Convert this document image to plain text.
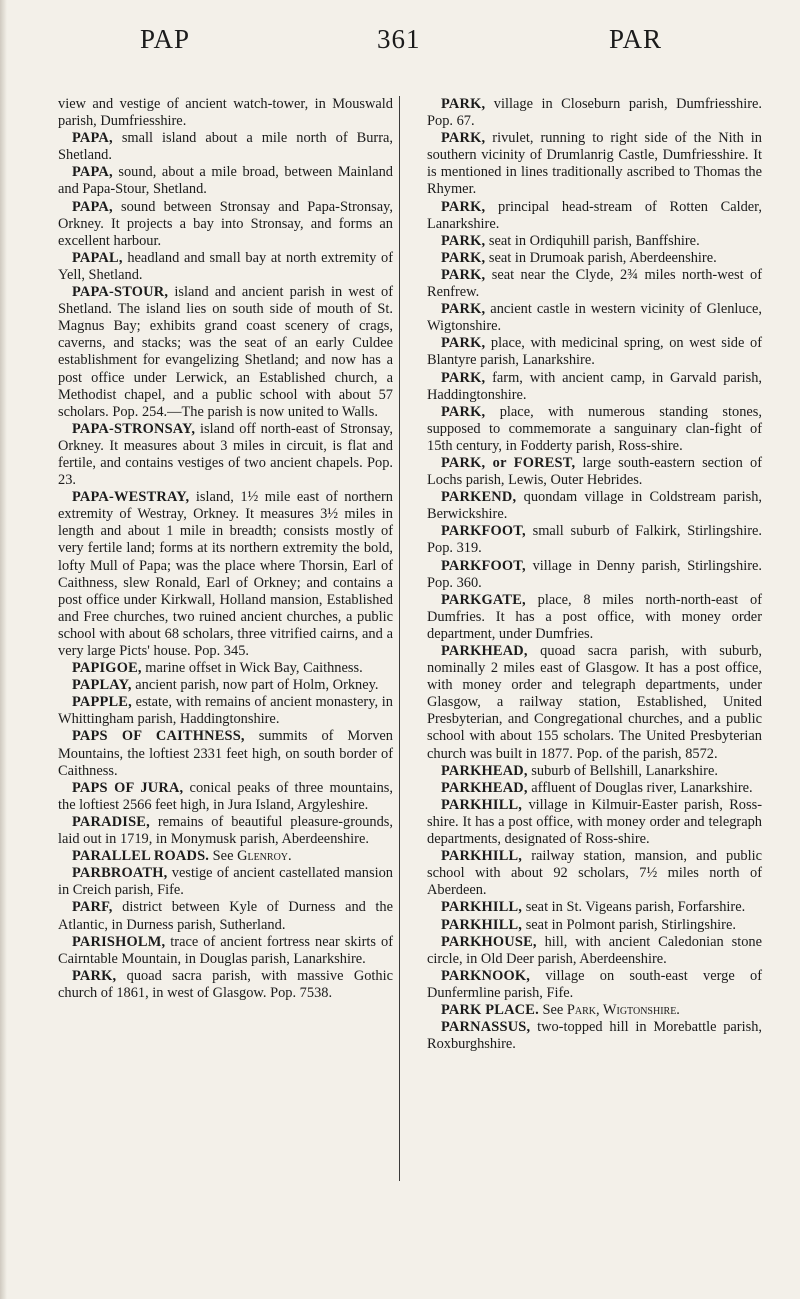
PAP	361	PAR

view and vestige of ancient watch-tower, in Mouswald parish, Dumfriesshire.

PAPA, small island about a mile north of Burra, Shetland.

PAPA, sound, about a mile broad, between Mainland and Papa-Stour, Shetland.

PAPA, sound between Stronsay and Papa-Stronsay, Orkney. It projects a bay into Stronsay, and forms an excellent harbour.

PAPAL, headland and small bay at north extremity of Yell, Shetland.

PAPA-STOUR, island and ancient parish in west of Shetland. The island lies on south side of mouth of St. Magnus Bay; exhibits grand coast scenery of crags, caverns, and stacks; was the seat of an early Culdee establishment for evangelizing Shetland; and now has a post office under Lerwick, an Established church, a Methodist chapel, and a public school with about 57 scholars. Pop. 254.—The parish is now united to Walls.

PAPA-STRONSAY, island off north-east of Stronsay, Orkney. It measures about 3 miles in circuit, is flat and fertile, and contains vestiges of two ancient chapels. Pop. 23.

PAPA-WESTRAY, island, 1½ mile east of northern extremity of Westray, Orkney. It measures 3½ miles in length and about 1 mile in breadth; consists mostly of very fertile land; forms at its northern extremity the bold, lofty Mull of Papa; was the place where Thorsin, Earl of Caithness, slew Ronald, Earl of Orkney; and contains a post office under Kirkwall, Holland mansion, Established and Free churches, two ruined ancient churches, a public school with about 68 scholars, three vitrified cairns, and a very large Picts' house. Pop. 345.

PAPIGOE, marine offset in Wick Bay, Caithness.

PAPLAY, ancient parish, now part of Holm, Orkney.

PAPPLE, estate, with remains of ancient monastery, in Whittingham parish, Haddingtonshire.

PAPS OF CAITHNESS, summits of Morven Mountains, the loftiest 2331 feet high, on south border of Caithness.

PAPS OF JURA, conical peaks of three mountains, the loftiest 2566 feet high, in Jura Island, Argyleshire.

PARADISE, remains of beautiful pleasure-grounds, laid out in 1719, in Monymusk parish, Aberdeenshire.

PARALLEL ROADS. See Glenroy.

PARBROATH, vestige of ancient castellated mansion in Creich parish, Fife.

PARF, district between Kyle of Durness and the Atlantic, in Durness parish, Sutherland.

PARISHOLM, trace of ancient fortress near skirts of Cairntable Mountain, in Douglas parish, Lanarkshire.

PARK, quoad sacra parish, with massive Gothic church of 1861, in west of Glasgow. Pop. 7538.

PARK, village in Closeburn parish, Dumfriesshire. Pop. 67.

PARK, rivulet, running to right side of the Nith in southern vicinity of Drumlanrig Castle, Dumfriesshire. It is mentioned in lines traditionally ascribed to Thomas the Rhymer.

PARK, principal head-stream of Rotten Calder, Lanarkshire.

PARK, seat in Ordiquhill parish, Banffshire.

PARK, seat in Drumoak parish, Aberdeenshire.

PARK, seat near the Clyde, 2¾ miles north-west of Renfrew.

PARK, ancient castle in western vicinity of Glenluce, Wigtonshire.

PARK, place, with medicinal spring, on west side of Blantyre parish, Lanarkshire.

PARK, farm, with ancient camp, in Garvald parish, Haddingtonshire.

PARK, place, with numerous standing stones, supposed to commemorate a sanguinary clan-fight of 15th century, in Fodderty parish, Ross-shire.

PARK, or FOREST, large south-eastern section of Lochs parish, Lewis, Outer Hebrides.

PARKEND, quondam village in Coldstream parish, Berwickshire.

PARKFOOT, small suburb of Falkirk, Stirlingshire. Pop. 319.

PARKFOOT, village in Denny parish, Stirlingshire. Pop. 360.

PARKGATE, place, 8 miles north-north-east of Dumfries. It has a post office, with money order department, under Dumfries.

PARKHEAD, quoad sacra parish, with suburb, nominally 2 miles east of Glasgow. It has a post office, with money order and telegraph departments, under Glasgow, a railway station, Established, United Presbyterian, and Congregational churches, and a public school with about 155 scholars. The United Presbyterian church was built in 1877. Pop. of the parish, 8572.

PARKHEAD, suburb of Bellshill, Lanarkshire.

PARKHEAD, affluent of Douglas river, Lanarkshire.

PARKHILL, village in Kilmuir-Easter parish, Ross-shire. It has a post office, with money order and telegraph departments, designated of Ross-shire.

PARKHILL, railway station, mansion, and public school with about 92 scholars, 7½ miles north of Aberdeen.

PARKHILL, seat in St. Vigeans parish, Forfarshire.

PARKHILL, seat in Polmont parish, Stirlingshire.

PARKHOUSE, hill, with ancient Caledonian stone circle, in Old Deer parish, Aberdeenshire.

PARKNOOK, village on south-east verge of Dunfermline parish, Fife.

PARK PLACE. See Park, Wigtonshire.

PARNASSUS, two-topped hill in Morebattle parish, Roxburghshire.
